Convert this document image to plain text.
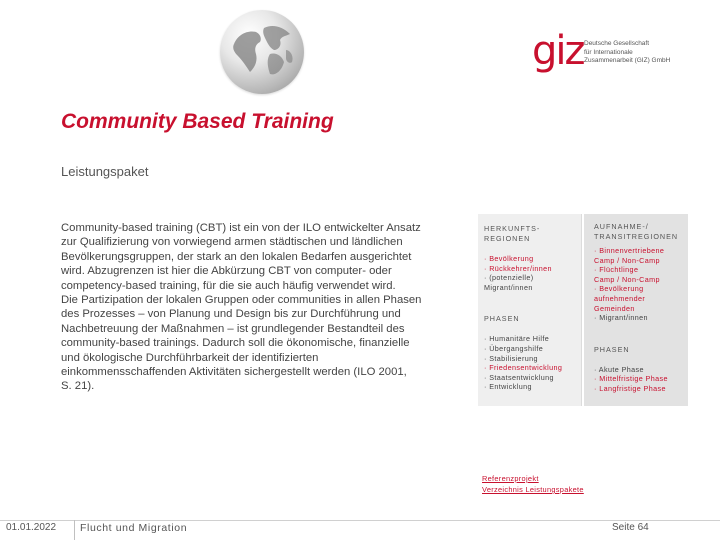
giz Deutsche Gesellschaft
für Internationale
Zusammenarbeit (GIZ) GmbH
Community Based Training
Leistungspaket

Community-based training (CBT) ist ein von der ILO entwickelter Ansatz

zur Qualifizierung von vorwiegend armen städtischen und ländlichen

Bevölkerungsgruppen, der stark an den lokalen Bedarfen ausgerichtet

wird. Abzugrenzen ist hier die Abkürzung CBT von computer- oder

competency-based training, für die sie auch häufig verwendet wird.

Die Partizipation der lokalen Gruppen oder communities in allen Phasen

des Prozesses – von Planung und Design bis zur Durchführung und

Nachbetreuung der Maßnahmen – ist grundlegender Bestandteil des

community-based trainings. Dadurch soll die ökonomische, finanzielle

und ökologische Durchführbarkeit der identifizierten

einkommensschaffenden Aktivitäten sichergestellt werden (ILO 2001,

S. 21).

HERKUNFTS-
REGIONEN
· Bevölkerung
· Rückkehrer/innen
· (potenzielle)
Migrant/innen
PHASEN
· Humanitäre Hilfe
· Übergangshilfe
· Stabilisierung
· Friedensentwicklung
· Staatsentwicklung
· Entwicklung
AUFNAHME-/
TRANSITREGIONEN
· Binnenvertriebene
Camp / Non-Camp
· Flüchtlinge
Camp / Non-Camp
· Bevölkerung
aufnehmender
Gemeinden
· Migrant/innen
PHASEN
· Akute Phase
· Mittelfristige Phase
· Langfristige Phase
Referenzprojekt
Verzeichnis Leistungspakete
01.01.2022 Flucht und Migration	Seite 64
